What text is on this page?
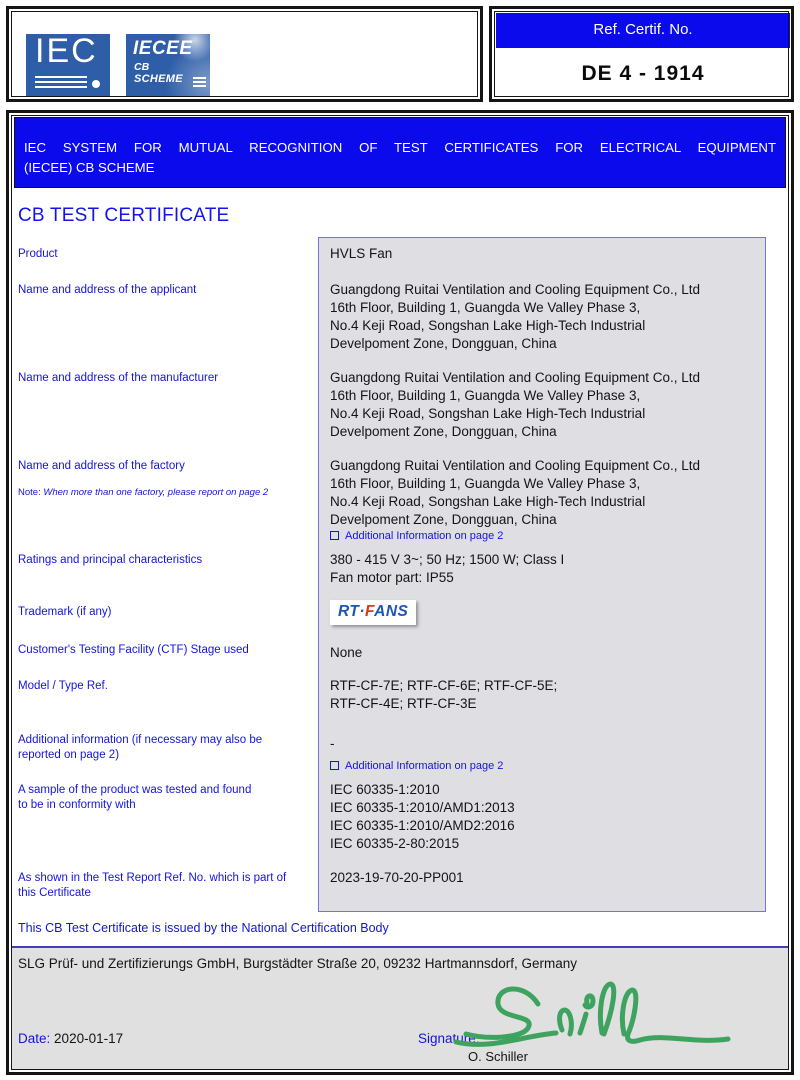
IEC	IECEE
CB
SCHEME
Ref. Certif. No.
DE 4 - 1914
IEC SYSTEM FOR MUTUAL RECOGNITION OF TEST CERTIFICATES FOR ELECTRICAL EQUIPMENT
(IECEE) CB SCHEME
CB TEST CERTIFICATE
Product
Name and address of the applicant
Name and address of the manufacturer
Name and address of the factory
Note: When more than one factory, please report on page 2
Ratings and principal characteristics
Trademark (if any)
Customer's Testing Facility (CTF) Stage used
Model / Type Ref.
Additional information (if necessary may also be
reported on page 2)
A sample of the product was tested and found
to be in conformity with
As shown in the Test Report Ref. No. which is part of
this Certificate
HVLS Fan
Guangdong Ruitai Ventilation and Cooling Equipment Co., Ltd
16th Floor, Building 1, Guangda We Valley Phase 3,
No.4 Keji Road, Songshan Lake High-Tech Industrial
Develpoment Zone, Dongguan, China
Guangdong Ruitai Ventilation and Cooling Equipment Co., Ltd
16th Floor, Building 1, Guangda We Valley Phase 3,
No.4 Keji Road, Songshan Lake High-Tech Industrial
Develpoment Zone, Dongguan, China
Guangdong Ruitai Ventilation and Cooling Equipment Co., Ltd
16th Floor, Building 1, Guangda We Valley Phase 3,
No.4 Keji Road, Songshan Lake High-Tech Industrial
Develpoment Zone, Dongguan, China
Additional Information on page 2
380 - 415 V 3~; 50 Hz; 1500 W; Class I
Fan motor part: IP55
RT·FANS
None
RTF-CF-7E; RTF-CF-6E; RTF-CF-5E;
RTF-CF-4E; RTF-CF-3E
-
Additional Information on page 2
IEC 60335-1:2010
IEC 60335-1:2010/AMD1:2013
IEC 60335-1:2010/AMD2:2016
IEC 60335-2-80:2015
2023-19-70-20-PP001
This CB Test Certificate is issued by the National Certification Body
SLG Prüf- und Zertifizierungs GmbH, Burgstädter Straße 20, 09232 Hartmannsdorf, Germany
Date: 2020-01-17	Signature:
O. Schiller
